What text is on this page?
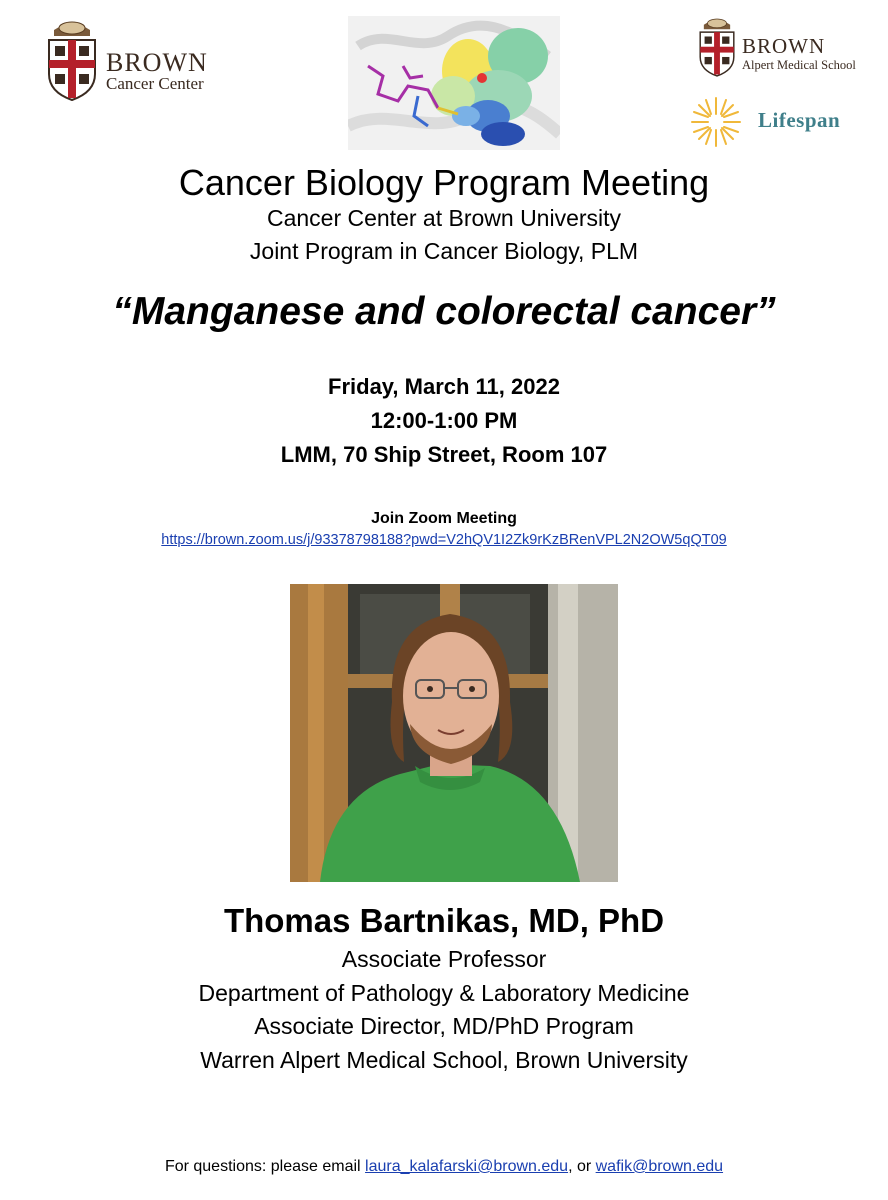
BROWN
Cancer Center
BROWN
Alpert Medical School
Lifespan
Cancer Biology Program Meeting
Cancer Center at Brown University
Joint Program in Cancer Biology, PLM
“Manganese and colorectal cancer”
Friday, March 11, 2022
12:00-1:00 PM
LMM, 70 Ship Street, Room 107
Join Zoom Meeting
https://brown.zoom.us/j/93378798188?pwd=V2hQV1I2Zk9rKzBRenVPL2N2OW5qQT09
Thomas Bartnikas, MD, PhD
Associate Professor
Department of Pathology & Laboratory Medicine
Associate Director, MD/PhD Program
Warren Alpert Medical School, Brown University
For questions: please email laura_kalafarski@brown.edu, or wafik@brown.edu
